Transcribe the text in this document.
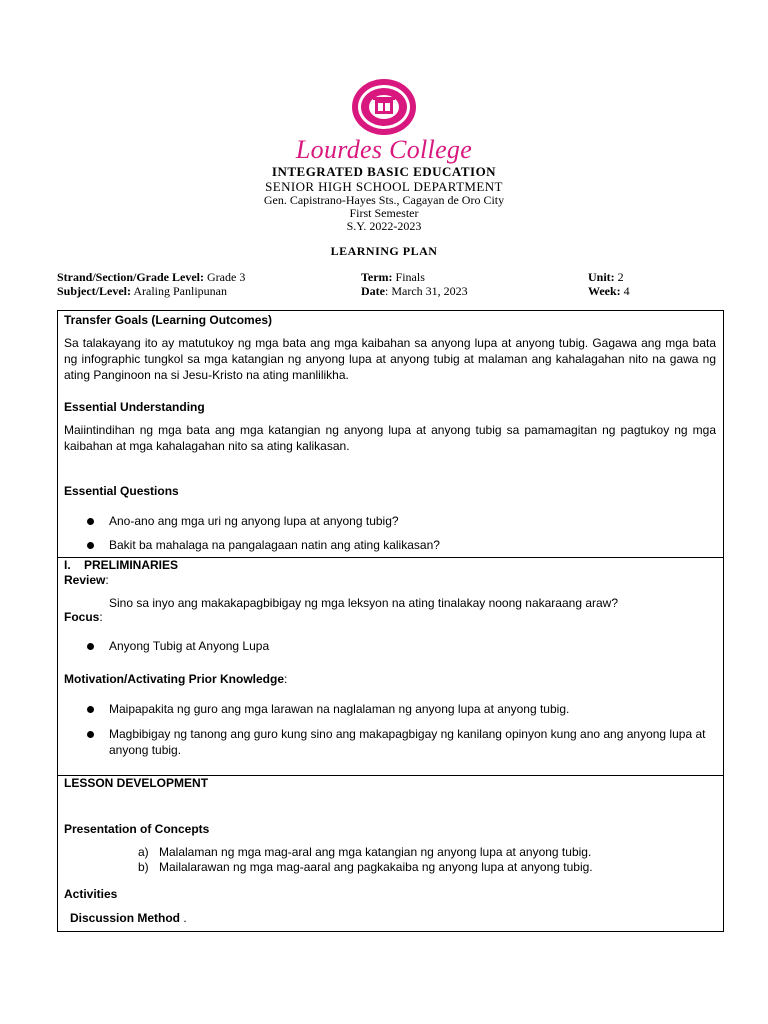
Lourdes College
INTEGRATED BASIC EDUCATION
SENIOR HIGH SCHOOL DEPARTMENT
Gen. Capistrano-Hayes Sts., Cagayan de Oro City
First Semester
S.Y. 2022-2023
LEARNING PLAN
Strand/Section/Grade Level: Grade 3	Term: Finals	Unit: 2
Subject/Level: Araling Panlipunan	Date: March 31, 2023	Week: 4
Transfer Goals (Learning Outcomes)
Sa talakayang ito ay matutukoy ng mga bata ang mga kaibahan sa anyong lupa at anyong tubig. Gagawa ang mga bata ng infographic tungkol sa mga katangian ng anyong lupa at anyong tubig at malaman ang kahalagahan nito na gawa ng ating Panginoon na si Jesu-Kristo na ating manlilikha.
Essential Understanding
Maiintindihan ng mga bata ang mga katangian ng anyong lupa at anyong tubig sa pamamagitan ng pagtukoy ng mga kaibahan at mga kahalagahan nito sa ating kalikasan.
Essential Questions
Ano-ano ang mga uri ng anyong lupa at anyong tubig?
Bakit ba mahalaga na pangalagaan natin ang ating kalikasan?
I. PRELIMINARIES
Review:
Sino sa inyo ang makakapagbibigay ng mga leksyon na ating tinalakay noong nakaraang araw?
Focus:
Anyong Tubig at Anyong Lupa
Motivation/Activating Prior Knowledge:
Maipapakita ng guro ang mga larawan na naglalaman ng anyong lupa at anyong tubig.
Magbibigay ng tanong ang guro kung sino ang makapagbigay ng kanilang opinyon kung ano ang anyong lupa at anyong tubig.
LESSON DEVELOPMENT
Presentation of Concepts
a) Malalaman ng mga mag-aral ang mga katangian ng anyong lupa at anyong tubig.
b) Mailalarawan ng mga mag-aaral ang pagkakaiba ng anyong lupa at anyong tubig.
Activities
Discussion Method .
